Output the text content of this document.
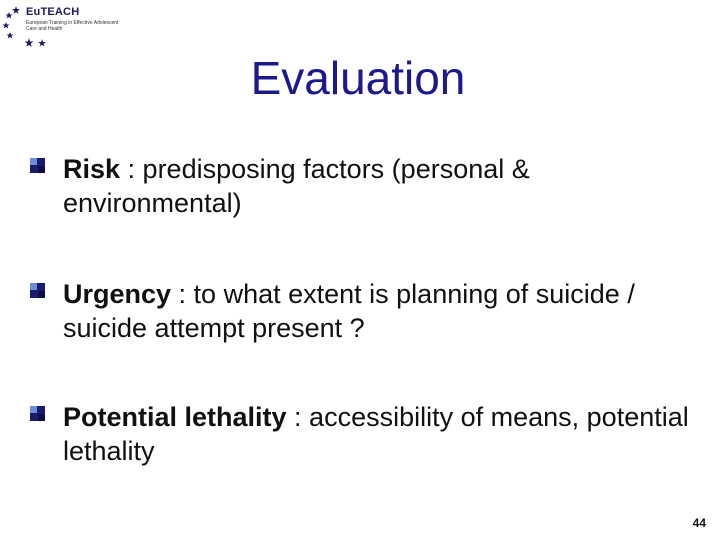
EuTEACH
European Training in Effective Adolescent
Care and Health
Evaluation
Risk : predisposing factors (personal & environmental)
Urgency : to what extent is planning of suicide / suicide attempt present ?
Potential lethality : accessibility of means, potential lethality
44
